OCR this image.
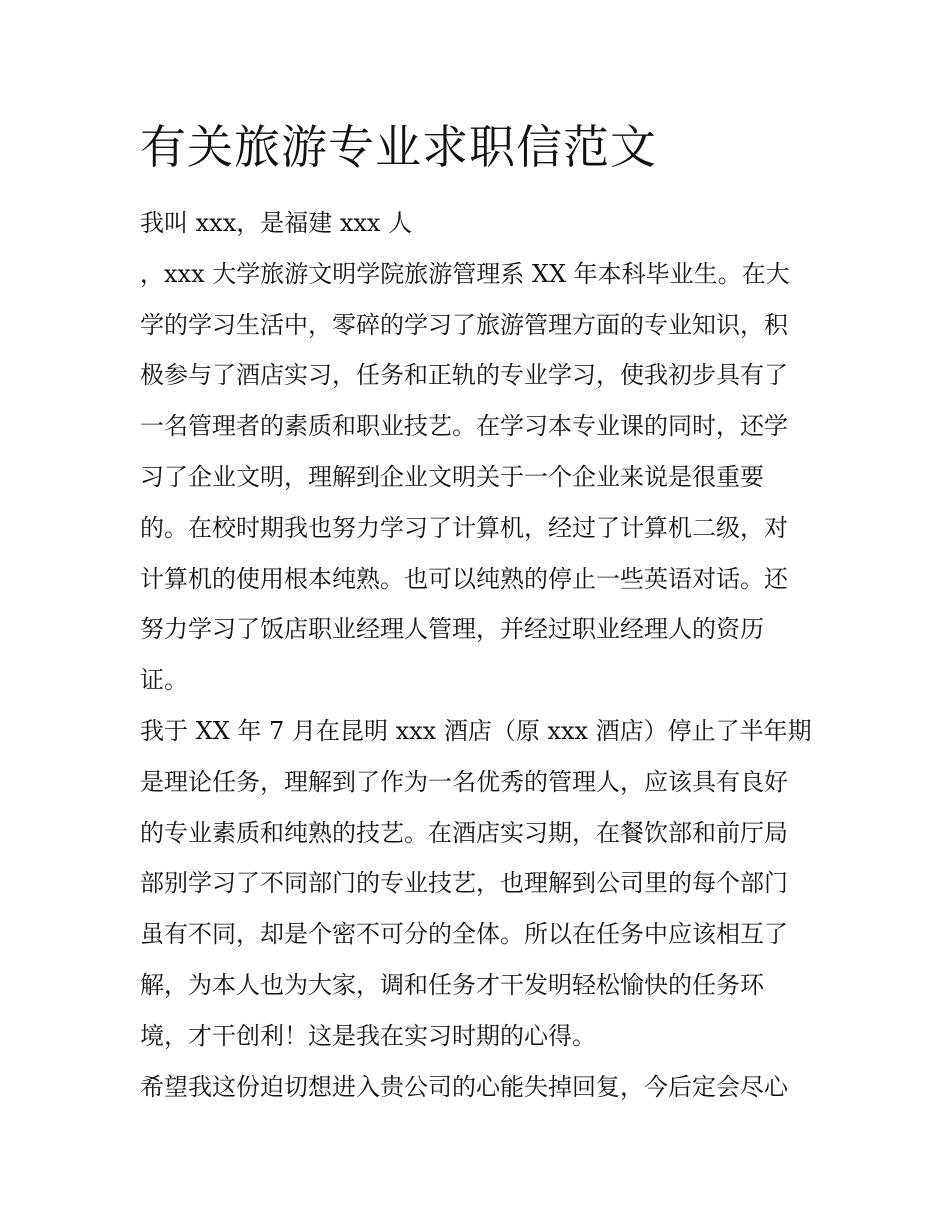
有关旅游专业求职信范文
我叫 xxx，是福建 xxx 人
，xxx 大学旅游文明学院旅游管理系 XX 年本科毕业生。在大
学的学习生活中，零碎的学习了旅游管理方面的专业知识，积
极参与了酒店实习，任务和正轨的专业学习，使我初步具有了
一名管理者的素质和职业技艺。在学习本专业课的同时，还学
习了企业文明，理解到企业文明关于一个企业来说是很重要
的。在校时期我也努力学习了计算机，经过了计算机二级，对
计算机的使用根本纯熟。也可以纯熟的停止一些英语对话。还
努力学习了饭店职业经理人管理，并经过职业经理人的资历
证。
我于 XX 年 7 月在昆明 xxx 酒店（原 xxx 酒店）停止了半年期
是理论任务，理解到了作为一名优秀的管理人，应该具有良好
的专业素质和纯熟的技艺。在酒店实习期，在餐饮部和前厅局
部别学习了不同部门的专业技艺，也理解到公司里的每个部门
虽有不同，却是个密不可分的全体。所以在任务中应该相互了
解，为本人也为大家，调和任务才干发明轻松愉快的任务环
境，才干创利！这是我在实习时期的心得。
希望我这份迫切想进入贵公司的心能失掉回复，今后定会尽心
